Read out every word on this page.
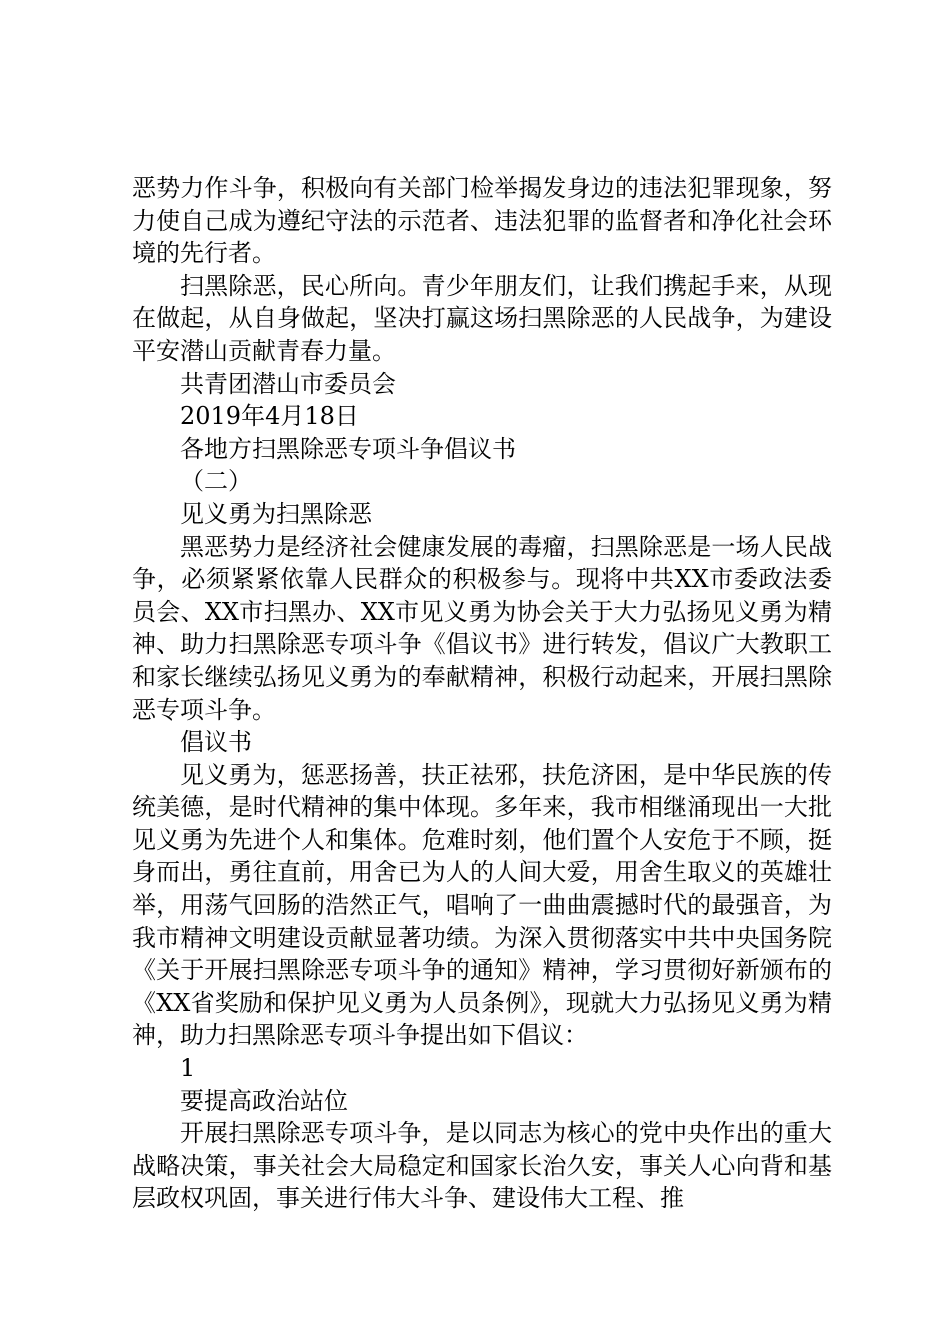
恶势力作斗争，积极向有关部门检举揭发身边的违法犯罪现象，努力使自己成为遵纪守法的示范者、违法犯罪的监督者和净化社会环境的先行者。

扫黑除恶，民心所向。青少年朋友们，让我们携起手来，从现在做起，从自身做起，坚决打赢这场扫黑除恶的人民战争，为建设平安潜山贡献青春力量。

共青团潜山市委员会

2019年4月18日

各地方扫黑除恶专项斗争倡议书

（二）

见义勇为扫黑除恶

黑恶势力是经济社会健康发展的毒瘤，扫黑除恶是一场人民战争，必须紧紧依靠人民群众的积极参与。现将中共XX市委政法委员会、XX市扫黑办、XX市见义勇为协会关于大力弘扬见义勇为精神、助力扫黑除恶专项斗争《倡议书》进行转发，倡议广大教职工和家长继续弘扬见义勇为的奉献精神，积极行动起来，开展扫黑除恶专项斗争。

倡议书

见义勇为，惩恶扬善，扶正祛邪，扶危济困，是中华民族的传统美德，是时代精神的集中体现。多年来，我市相继涌现出一大批见义勇为先进个人和集体。危难时刻，他们置个人安危于不顾，挺身而出，勇往直前，用舍已为人的人间大爱，用舍生取义的英雄壮举，用荡气回肠的浩然正气，唱响了一曲曲震撼时代的最强音，为我市精神文明建设贡献显著功绩。为深入贯彻落实中共中央国务院《关于开展扫黑除恶专项斗争的通知》精神，学习贯彻好新颁布的《XX省奖励和保护见义勇为人员条例》，现就大力弘扬见义勇为精神，助力扫黑除恶专项斗争提出如下倡议：

1

要提高政治站位

开展扫黑除恶专项斗争，是以同志为核心的党中央作出的重大战略决策，事关社会大局稳定和国家长治久安，事关人心向背和基层政权巩固，事关进行伟大斗争、建设伟大工程、推
